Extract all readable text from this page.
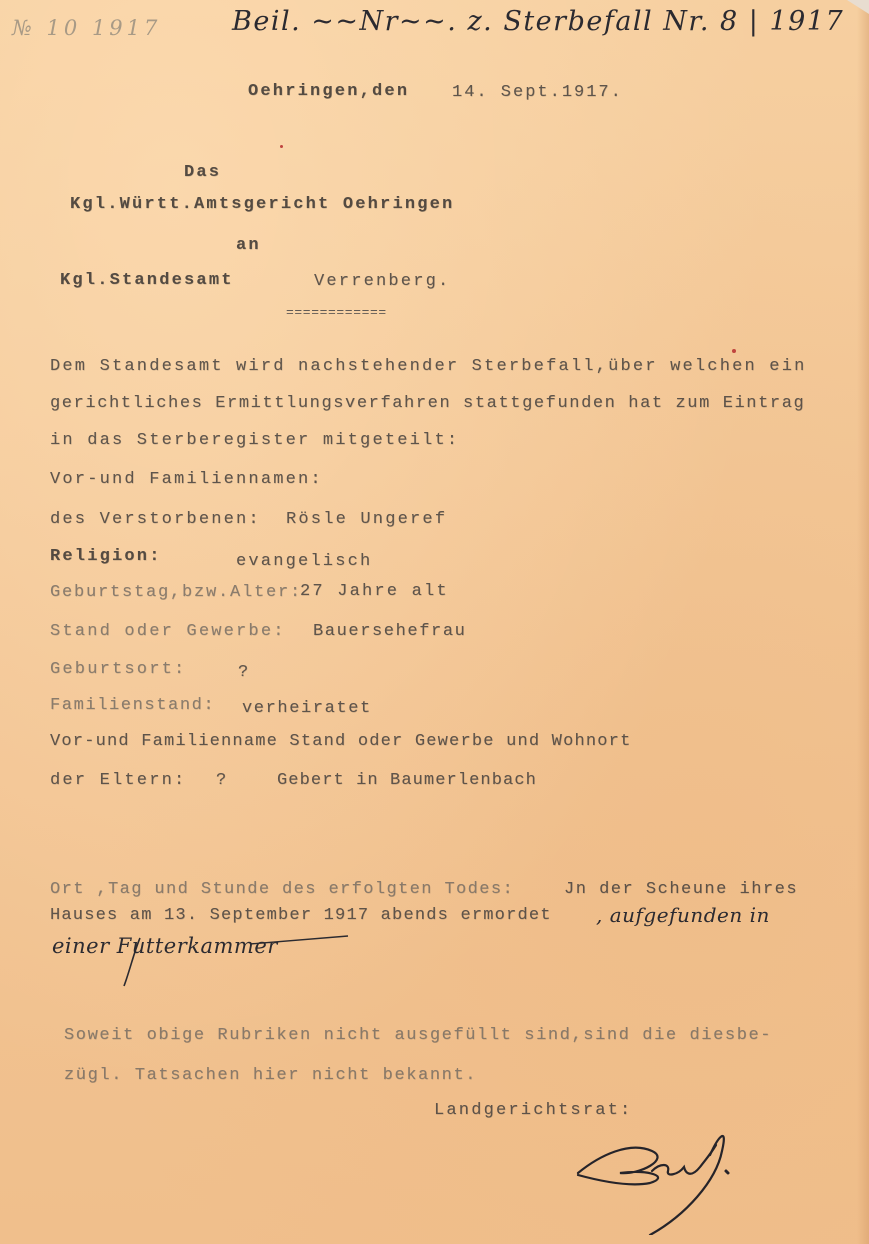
№ 10 1917	Beil. ~~Nr~~. z. Sterbefall Nr. 8 | 1917
Oehringen,den	14. Sept.1917.
Das
Kgl.Württ.Amtsgericht Oehringen
an
Kgl.Standesamt	Verrenberg.
============
Dem Standesamt wird nachstehender Sterbefall,über welchen ein
gerichtliches Ermittlungsverfahren stattgefunden hat zum Eintrag
in das Sterberegister mitgeteilt:
Vor-und Familiennamen:
des Verstorbenen: Rösle Ungeref
Religion:	evangelisch
Geburtstag,bzw.Alter:
27 Jahre alt
Stand oder Gewerbe: Bauersehefrau
Geburtsort:	?
Familienstand: verheiratet
Vor-und Familienname Stand oder Gewerbe und Wohnort
der Eltern: ?	Gebert in Baumerlenbach
Ort ,Tag und Stunde des erfolgten Todes:	Jn der Scheune ihres
Hauses am 13. September 1917 abends ermordet , aufgefunden in
einer Futterkammer
Soweit obige Rubriken nicht ausgefüllt sind,sind die diesbe-
zügl. Tatsachen hier nicht bekannt.
Landgerichtsrat:
